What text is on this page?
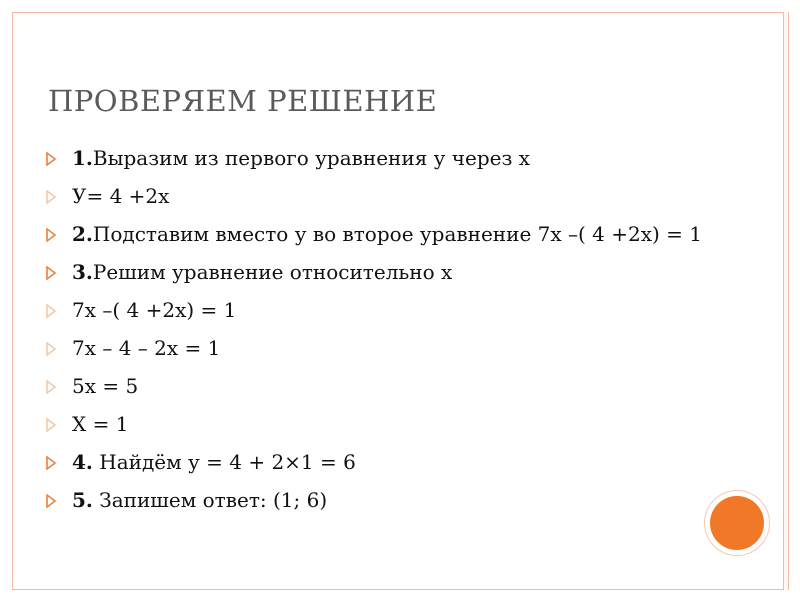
ПРОВЕРЯЕМ РЕШЕНИЕ
1.Выразим из первого уравнения у через х
У= 4 +2х
2.Подставим вместо у во второе уравнение 7х –( 4 +2х) = 1
3.Решим уравнение относительно х
7х –( 4 +2х) = 1
7х – 4 – 2х = 1
5х = 5
Х = 1
4. Найдём у = 4 + 2×1 = 6
5. Запишем ответ: (1; 6)
